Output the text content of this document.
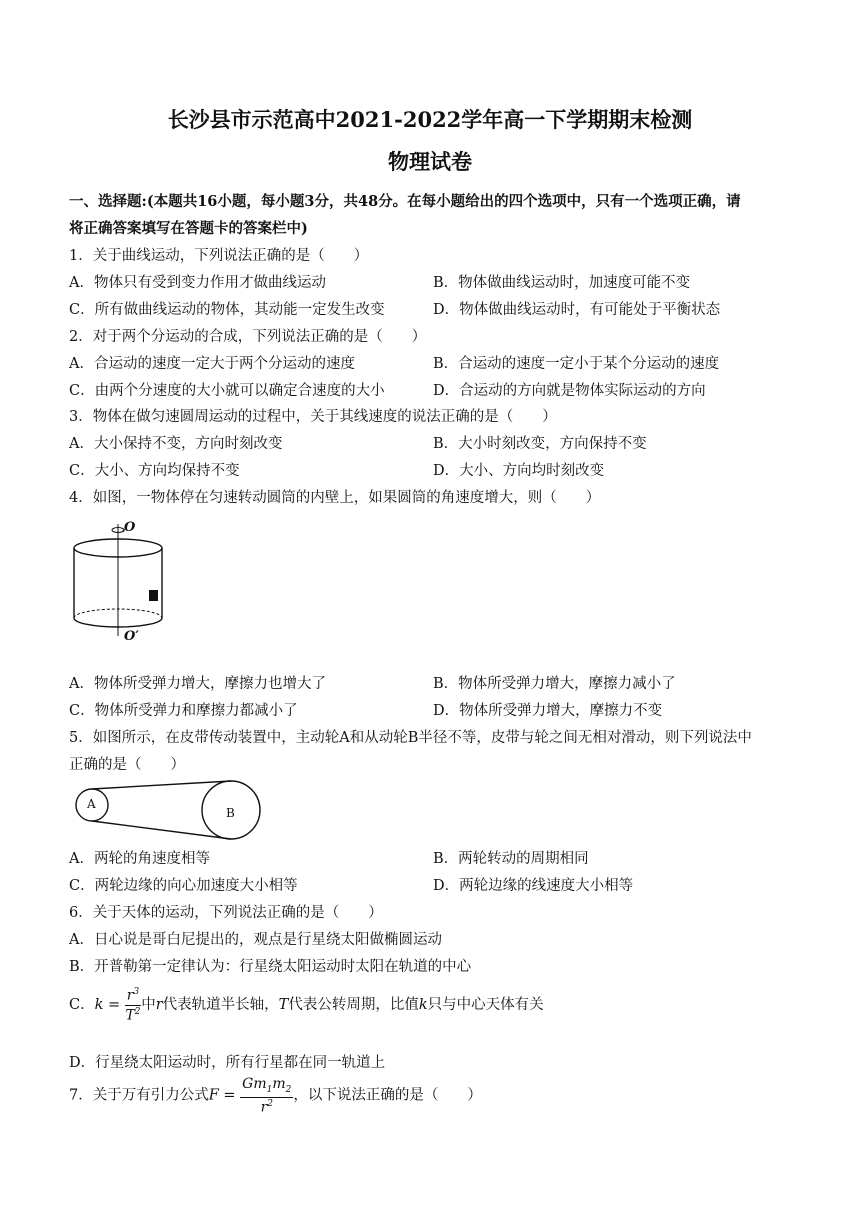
长沙县市示范高中2021-2022学年高一下学期期末检测
物理试卷
一、选择题:(本题共16小题，每小题3分，共48分。在每小题给出的四个选项中，只有一个选项正确，请
将正确答案填写在答题卡的答案栏中)
1．关于曲线运动，下列说法正确的是（　　）
A．物体只有受到变力作用才做曲线运动	B．物体做曲线运动时，加速度可能不变
C．所有做曲线运动的物体，其动能一定发生改变	D．物体做曲线运动时，有可能处于平衡状态
2．对于两个分运动的合成，下列说法正确的是（　　）
A．合运动的速度一定大于两个分运动的速度	B．合运动的速度一定小于某个分运动的速度
C．由两个分速度的大小就可以确定合速度的大小	D．合运动的方向就是物体实际运动的方向
3．物体在做匀速圆周运动的过程中，关于其线速度的说法正确的是（　　）
A．大小保持不变，方向时刻改变	B．大小时刻改变，方向保持不变
C．大小、方向均保持不变	D．大小、方向均时刻改变
4．如图，一物体停在匀速转动圆筒的内壁上，如果圆筒的角速度增大，则（　　）
O
O′
A．物体所受弹力增大，摩擦力也增大了	B．物体所受弹力增大，摩擦力减小了
C．物体所受弹力和摩擦力都减小了	D．物体所受弹力增大，摩擦力不变
5．如图所示，在皮带传动装置中，主动轮A和从动轮B半径不等，皮带与轮之间无相对滑动，则下列说法中
正确的是（　　）
A
B
A．两轮的角速度相等	B．两轮转动的周期相同
C．两轮边缘的向心加速度大小相等	D．两轮边缘的线速度大小相等
6．关于天体的运动，下列说法正确的是（　　）
A．日心说是哥白尼提出的，观点是行星绕太阳做椭圆运动
B．开普勒第一定律认为：行星绕太阳运动时太阳在轨道的中心
C．$k = \frac{r^3}{T^2}$ 中r代表轨道半长轴，T代表公转周期，比值k只与中心天体有关
D．行星绕太阳运动时，所有行星都在同一轨道上
7．关于万有引力公式$F = \frac{Gm_1m_2}{r^2}$ ，以下说法正确的是（　　）
